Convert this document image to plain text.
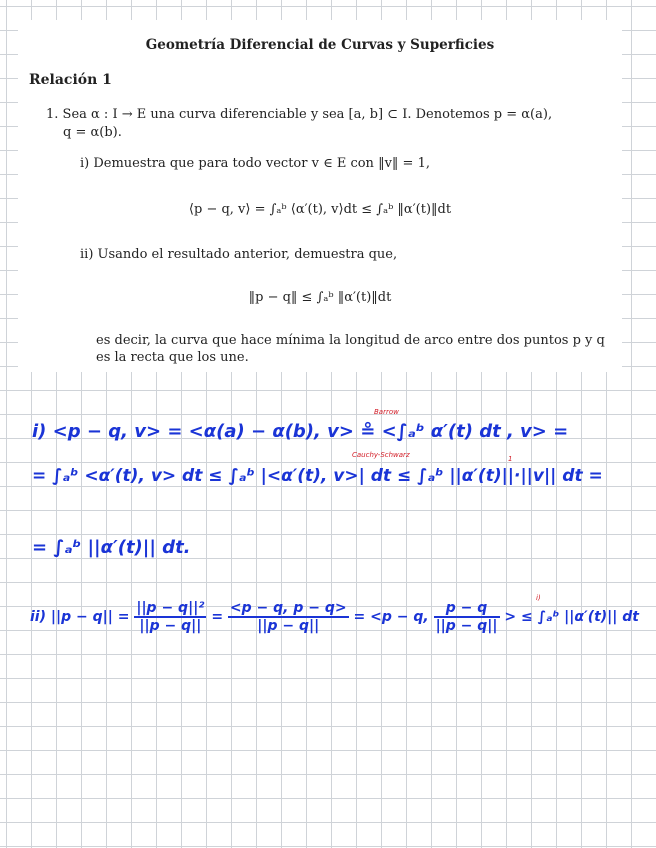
Geometría Diferencial de Curvas y Superficies
Relación 1
1. Sea α : I → E una curva diferenciable y sea [a, b] ⊂ I. Denotemos p = α(a),
q = α(b).
i) Demuestra que para todo vector v ∈ E con ‖v‖ = 1,
⟨p − q, v⟩ = ∫ₐᵇ ⟨α′(t), v⟩dt ≤ ∫ₐᵇ ‖α′(t)‖dt
ii) Usando el resultado anterior, demuestra que,
‖p − q‖ ≤ ∫ₐᵇ ‖α′(t)‖dt
es decir, la curva que hace mínima la longitud de arco entre dos puntos p y q
es la recta que los une.
Barrow
i) <p − q, v> = <α(a) − α(b), v> ≗ <∫ₐᵇ α′(t) dt , v> =
Cauchy-Schwarz	1
= ∫ₐᵇ <α′(t), v> dt ≤ ∫ₐᵇ |<α′(t), v>| dt ≤ ∫ₐᵇ ||α′(t)||·||v|| dt =
= ∫ₐᵇ ||α′(t)|| dt.
i)
ii) $||p - q|| = \frac{\text{||p − q||²}}{||p - q||} = \frac{<p - q, p - q>}{||p - q||} = <p - q$, $\frac{p - q}{||p - q||}$ > ≤ ∫ₐᵇ ||α′(t)|| dt
